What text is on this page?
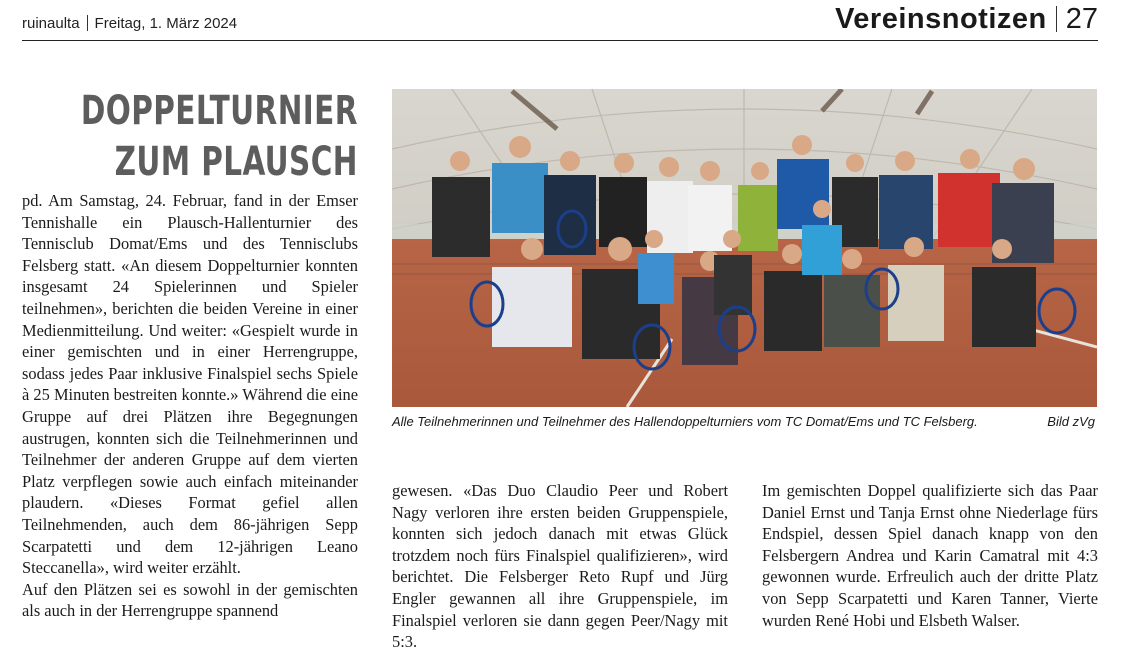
ruinaulta Freitag, 1. März 2024	Vereinsnotizen 27
DOPPELTURNIER
ZUM PLAUSCH

pd. Am Samstag, 24. Februar, fand in der Emser Tennishalle ein Plausch-Hallenturnier des Tennisclub Domat/Ems und des Tennisclubs Felsberg statt. «An diesem Doppelturnier konnten insgesamt 24 Spielerinnen und Spieler teilnehmen», berichten die beiden Vereine in einer Medienmitteilung. Und weiter: «Gespielt wurde in einer gemischten und in einer Herrengruppe, sodass jedes Paar inklusive Finalspiel sechs Spiele à 25 Minuten bestreiten konnte.» Während die eine Gruppe auf drei Plätzen ihre Begegnungen austrugen, konnten sich die Teilnehmerinnen und Teilnehmer der anderen Gruppe auf dem vierten Platz verpflegen sowie auch einfach miteinander plaudern. «Dieses Format gefiel allen Teilnehmenden, auch dem 86-jährigen Sepp Scarpatetti und dem 12-jährigen Leano Steccanella», wird weiter erzählt.

Auf den Plätzen sei es sowohl in der gemischten als auch in der Herrengruppe spannend

Alle Teilnehmerinnen und Teilnehmer des Hallendoppelturniers vom TC Domat/Ems und TC Felsberg.	Bild zVg

gewesen. «Das Duo Claudio Peer und Robert Nagy verloren ihre ersten beiden Gruppenspiele, konnten sich jedoch danach mit etwas Glück trotzdem noch fürs Finalspiel qualifizieren», wird berichtet. Die Felsberger Reto Rupf und Jürg Engler gewannen all ihre Gruppenspiele, im Finalspiel verloren sie dann gegen Peer/Nagy mit 5:3.

Im gemischten Doppel qualifizierte sich das Paar Daniel Ernst und Tanja Ernst ohne Niederlage fürs Endspiel, dessen Spiel danach knapp von den Felsbergern Andrea und Karin Camatral mit 4:3 gewonnen wurde. Erfreulich auch der dritte Platz von Sepp Scarpatetti und Karen Tanner, Vierte wurden René Hobi und Elsbeth Walser.
